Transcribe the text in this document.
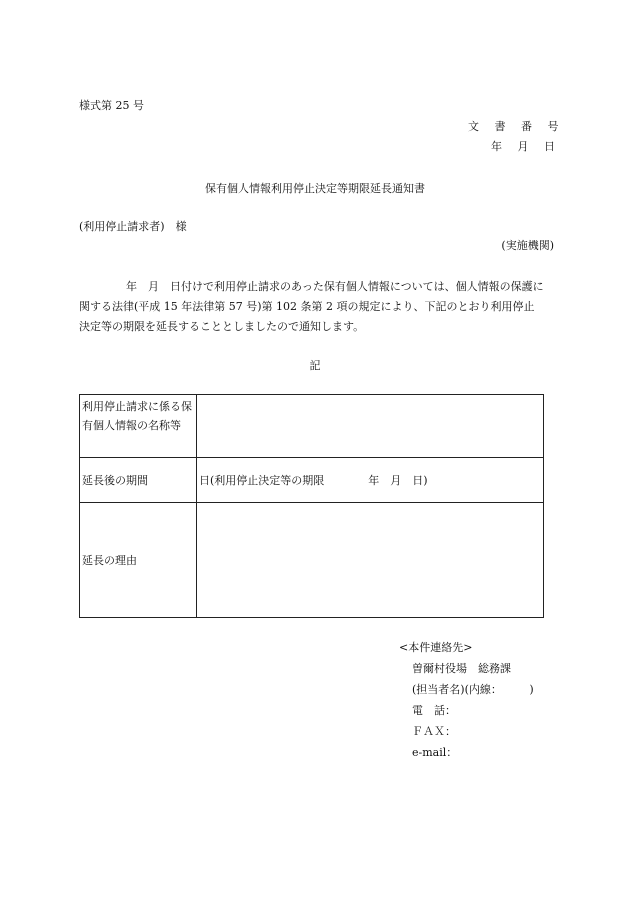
様式第 25 号
文 書 番 号
年 月 日
保有個人情報利用停止決定等期限延長通知書
(利用停止請求者)　様
(実施機関)
年　月　日付けで利用停止請求のあった保有個人情報については、個人情報の保護に関する法律(平成 15 年法律第 57 号)第 102 条第 2 項の規定により、下記のとおり利用停止決定等の期限を延長することとしましたので通知します。
記
利用停止請求に係る保有個人情報の名称等	
延長後の期間	日(利用停止決定等の期限　　　　年　月　日)
延長の理由	
<本件連絡先>
曽爾村役場　総務課
(担当者名)(内線：　　　)
電　話：
ＦＡＸ：
e-mail：
